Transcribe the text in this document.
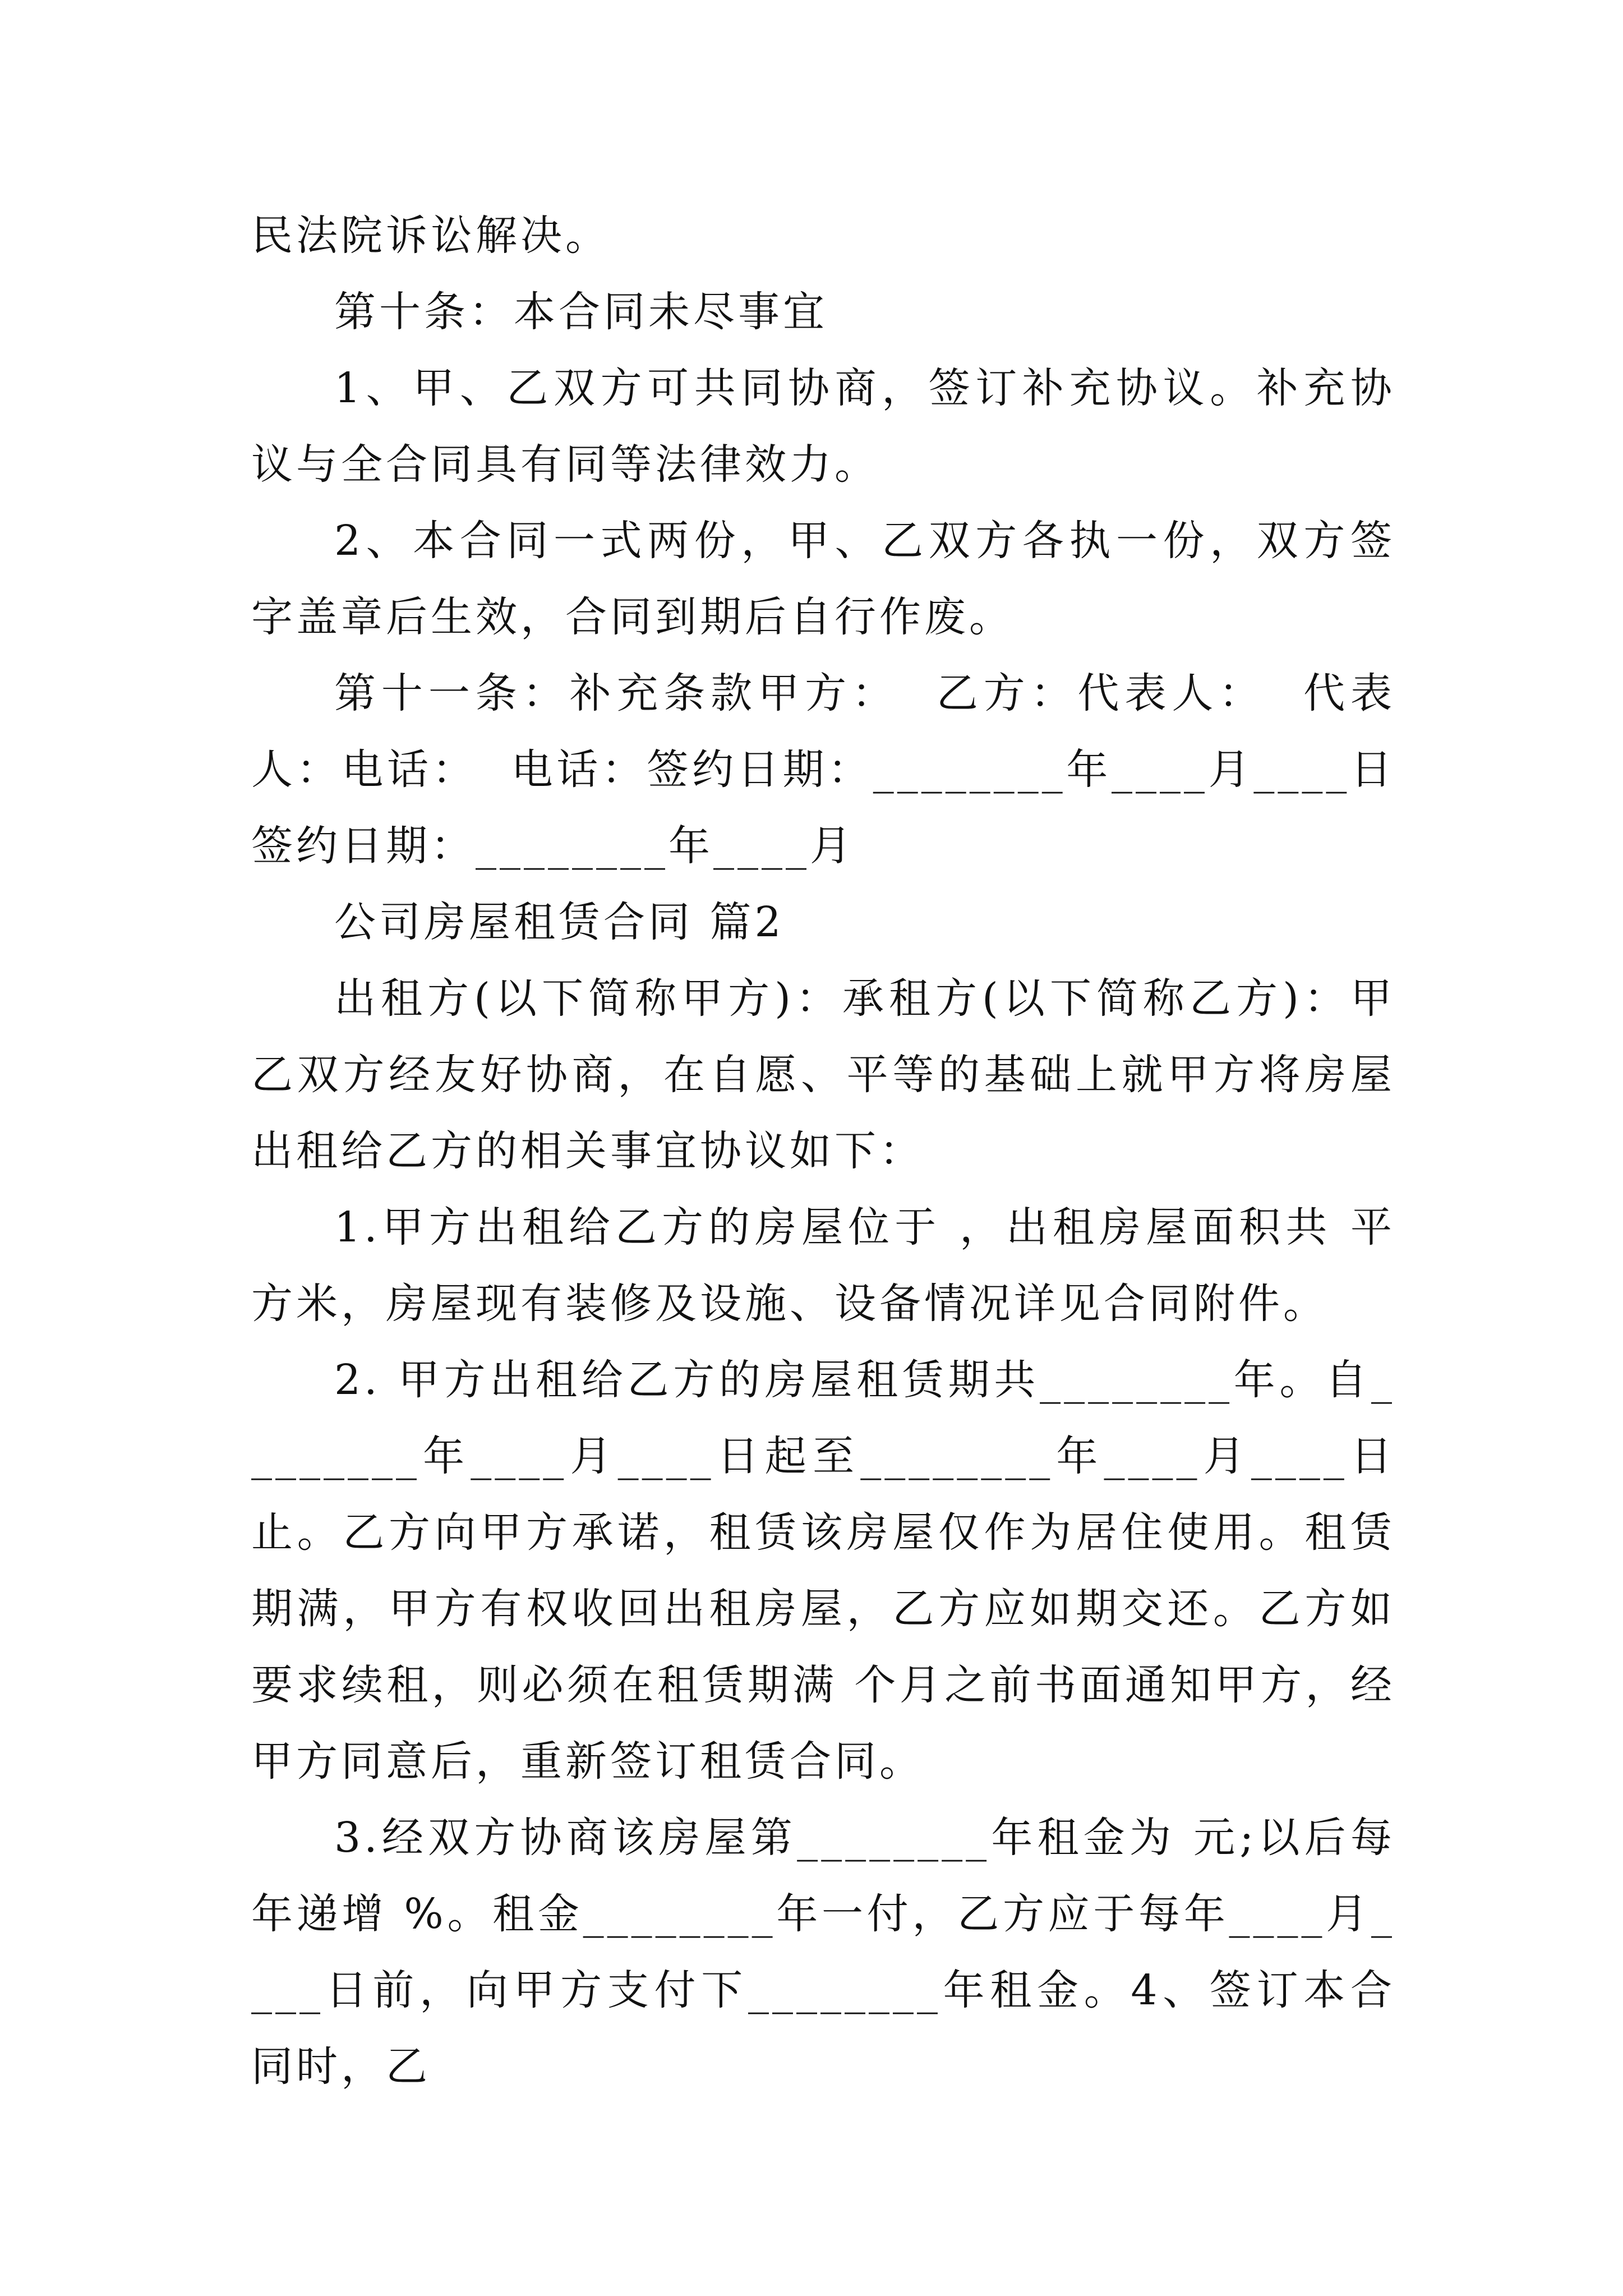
民法院诉讼解决。

第十条：本合同未尽事宜

1、甲、乙双方可共同协商，签订补充协议。补充协议与全合同具有同等法律效力。

2、本合同一式两份，甲、乙双方各执一份，双方签字盖章后生效，合同到期后自行作废。

第十一条：补充条款甲方：  乙方：代表人：  代表人：电话：  电话：签约日期：________年____月____日 签约日期：________年____月

公司房屋租赁合同 篇2

出租方(以下简称甲方)：承租方(以下简称乙方)：甲乙双方经友好协商，在自愿、平等的基础上就甲方将房屋出租给乙方的相关事宜协议如下：

1.甲方出租给乙方的房屋位于 ，出租房屋面积共 平方米，房屋现有装修及设施、设备情况详见合同附件。

2. 甲方出租给乙方的房屋租赁期共________年。自________年____月____日起至________年____月____日止。乙方向甲方承诺，租赁该房屋仅作为居住使用。租赁期满，甲方有权收回出租房屋，乙方应如期交还。乙方如要求续租，则必须在租赁期满 个月之前书面通知甲方，经甲方同意后，重新签订租赁合同。

3.经双方协商该房屋第________年租金为 元;以后每年递增 %。租金________年一付，乙方应于每年____月____日前，向甲方支付下________年租金。4、签订本合同时，乙
